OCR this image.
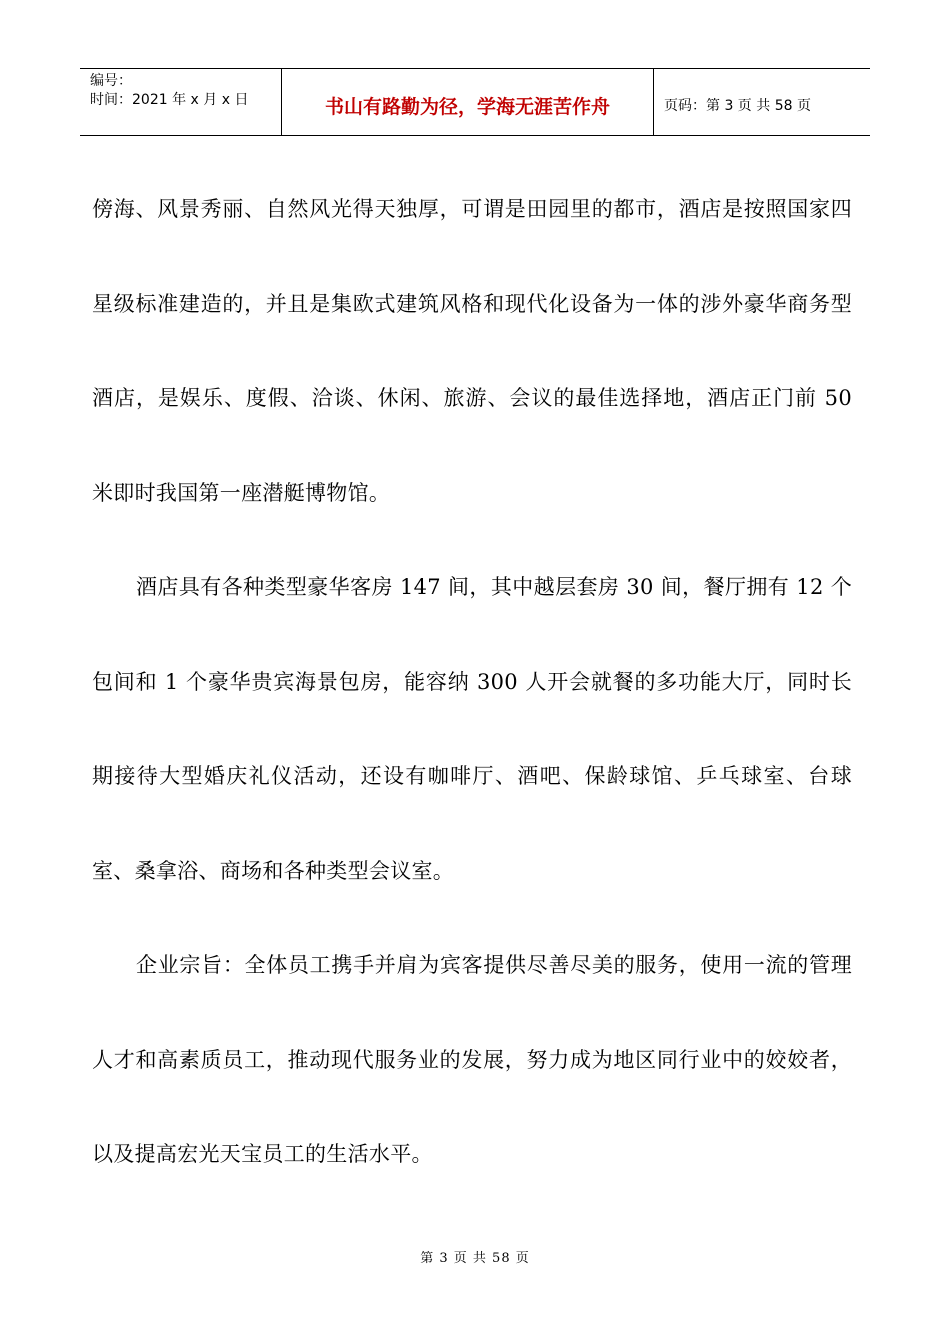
编号：
时间：2021 年 x 月 x 日	书山有路勤为径，学海无涯苦作舟	页码：第 3 页 共 58 页

傍海、风景秀丽、自然风光得天独厚，可谓是田园里的都市，酒店是按照国家四星级标准建造的，并且是集欧式建筑风格和现代化设备为一体的涉外豪华商务型酒店，是娱乐、度假、洽谈、休闲、旅游、会议的最佳选择地，酒店正门前 50 米即时我国第一座潜艇博物馆。

酒店具有各种类型豪华客房 147 间，其中越层套房 30 间，餐厅拥有 12 个包间和 1 个豪华贵宾海景包房，能容纳 300 人开会就餐的多功能大厅，同时长期接待大型婚庆礼仪活动，还设有咖啡厅、酒吧、保龄球馆、乒乓球室、台球室、桑拿浴、商场和各种类型会议室。

企业宗旨：全体员工携手并肩为宾客提供尽善尽美的服务，使用一流的管理人才和高素质员工，推动现代服务业的发展，努力成为地区同行业中的姣姣者，以及提高宏光天宝员工的生活水平。

第 3 页 共 58 页
